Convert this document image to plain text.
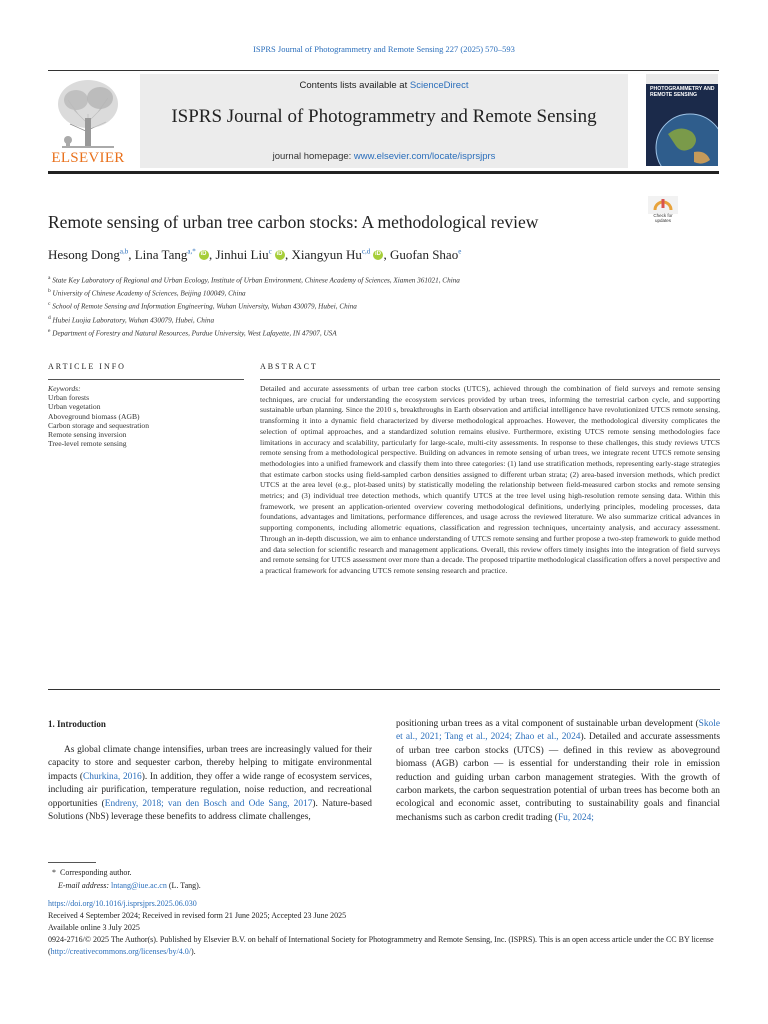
ISPRS Journal of Photogrammetry and Remote Sensing 227 (2025) 570–593
ELSEVIER
Contents lists available at ScienceDirect
ISPRS Journal of Photogrammetry and Remote Sensing
journal homepage: www.elsevier.com/locate/isprsjprs
PHOTOGRAMMETRY AND REMOTE SENSING
Remote sensing of urban tree carbon stocks: A methodological review	Check for updates
Hesong Dong$^{a,b}$, Lina Tang$^{a,*}$ iD , Jinhui Liu$^c$ iD , Xiangyun Hu$^{c,d}$ iD , Guofan Shao$^e$
$^a$ State Key Laboratory of Regional and Urban Ecology, Institute of Urban Environment, Chinese Academy of Sciences, Xiamen 361021, China
$^b$ University of Chinese Academy of Sciences, Beijing 100049, China
$^c$ School of Remote Sensing and Information Engineering, Wuhan University, Wuhan 430079, Hubei, China
$^d$ Hubei Luojia Laboratory, Wuhan 430079, Hubei, China
$^e$ Department of Forestry and Natural Resources, Purdue University, West Lafayette, IN 47907, USA
ARTICLE INFO	ABSTRACT
Keywords:
Urban forests
Urban vegetation
Aboveground biomass (AGB)
Carbon storage and sequestration
Remote sensing inversion
Tree-level remote sensing
Detailed and accurate assessments of urban tree carbon stocks (UTCS), achieved through the combination of field surveys and remote sensing techniques, are crucial for understanding the ecosystem services provided by urban trees, informing the terrestrial carbon cycle, and supporting sustainable urban planning. Since the 2010 s, breakthroughs in Earth observation and artificial intelligence have revolutionized UTCS remote sensing, transforming it into a dynamic field characterized by diverse methodological approaches. However, the methodological diversity complicates the selection of optimal approaches, and a standardized solution remains elusive. Furthermore, existing UTCS remote sensing methodologies face limitations in accuracy and scalability, particularly for large-scale, multi-city assessments. In response to these challenges, this study reviews UTCS remote sensing from a methodological perspective. Building on advances in remote sensing of urban trees, we integrate recent UTCS remote sensing methodologies into a unified framework and classify them into three categories: (1) land use stratification methods, representing early-stage strategies that estimate carbon stocks using field-sampled carbon densities assigned to different urban strata; (2) area-based inversion methods, which predict UTCS at the area level (e.g., plot-based units) by statistically modeling the relationship between field-measured carbon stocks and remote sensing metrics; and (3) individual tree detection methods, which quantify UTCS at the tree level using high-resolution remote sensing data. Within this framework, we present an application-oriented overview covering methodological definitions, underlying principles, modeling processes, data foundations, advantages and limitations, performance differences, and usage across the reviewed literature. We also summarize critical advances in supporting components, including allometric equations, classification and regression techniques, uncertainty analysis, and accuracy assessment. Through an in-depth discussion, we aim to enhance understanding of UTCS remote sensing and further propose a two-step framework to guide method and data selection for scientific research and management applications. Overall, this review offers timely insights into the integration of field surveys and remote sensing for UTCS assessment over more than a decade. The proposed tripartite methodological classification offers a novel perspective and a practical framework for advancing UTCS remote sensing research and practice.
1. Introduction

As global climate change intensifies, urban trees are increasingly valued for their capacity to store and sequester carbon, thereby helping to mitigate environmental impacts (Churkina, 2016). In addition, they offer a wide range of ecosystem services, including air purification, temperature regulation, noise reduction, and recreational opportunities (Endreny, 2018; van den Bosch and Ode Sang, 2017). Nature-based Solutions (NbS) leverage these benefits to address climate challenges,

positioning urban trees as a vital component of sustainable urban development (Skole et al., 2021; Tang et al., 2024; Zhao et al., 2024). Detailed and accurate assessments of urban tree carbon stocks (UTCS) — defined in this review as aboveground biomass (AGB) carbon — is essential for understanding their role in emission reduction and guiding urban carbon management strategies. With the growth of carbon markets, the carbon sequestration potential of urban trees has become both an ecological and economic asset, contributing to sustainability goals and financial mechanisms such as carbon credit trading (Fu, 2024;

* Corresponding author.
E-mail address: lntang@iue.ac.cn (L. Tang).
https://doi.org/10.1016/j.isprsjprs.2025.06.030
Received 4 September 2024; Received in revised form 21 June 2025; Accepted 23 June 2025
Available online 3 July 2025
0924-2716/© 2025 The Author(s). Published by Elsevier B.V. on behalf of International Society for Photogrammetry and Remote Sensing, Inc. (ISPRS). This is an open access article under the CC BY license (http://creativecommons.org/licenses/by/4.0/).
